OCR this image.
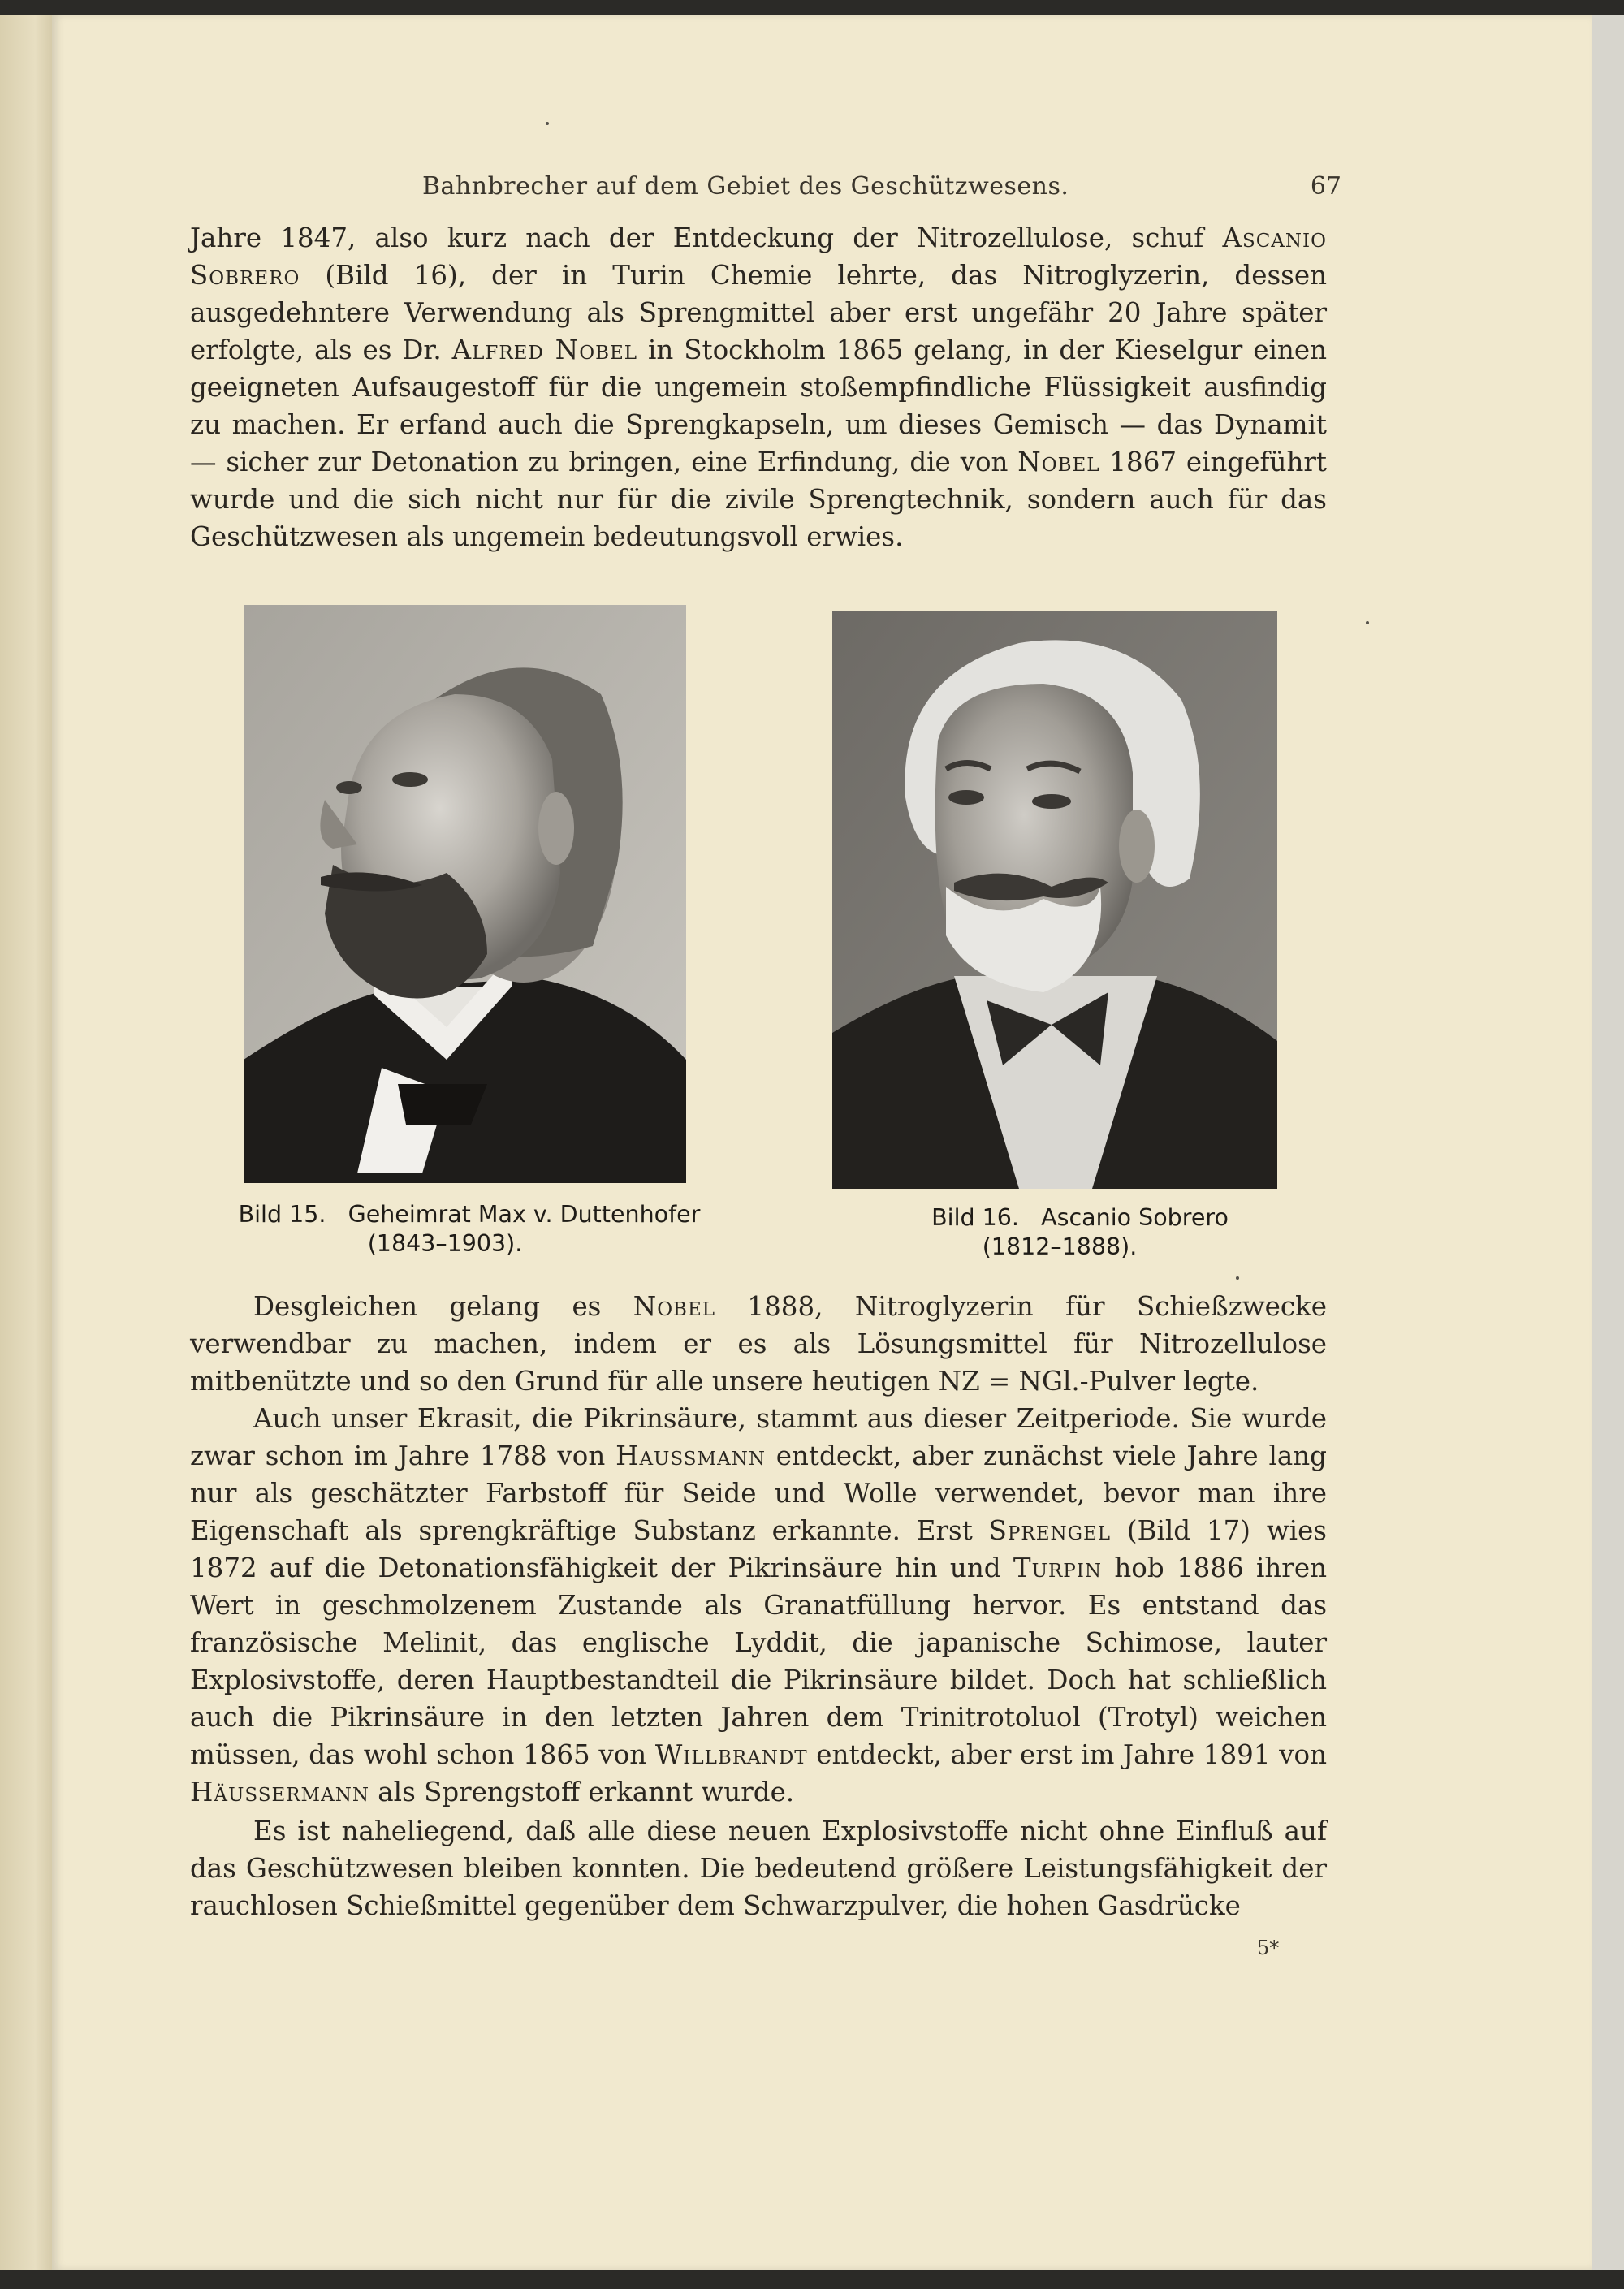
Bahnbrecher auf dem Gebiet des Geschützwesens.	67

Jahre 1847, also kurz nach der Entdeckung der Nitrozellulose, schuf Ascanio Sobrero (Bild 16), der in Turin Chemie lehrte, das Nitroglyzerin, dessen ausgedehntere Verwendung als Sprengmittel aber erst ungefähr 20 Jahre später erfolgte, als es Dr. Alfred Nobel in Stockholm 1865 gelang, in der Kieselgur einen geeigneten Aufsaugestoff für die ungemein stoßempfindliche Flüssigkeit ausfindig zu machen. Er erfand auch die Sprengkapseln, um dieses Gemisch — das Dynamit — sicher zur Detonation zu bringen, eine Erfindung, die von Nobel 1867 eingeführt wurde und die sich nicht nur für die zivile Sprengtechnik, sondern auch für das Geschützwesen als ungemein bedeutungsvoll erwies.

Bild 15.   Geheimrat Max v. Duttenhofer
(1843–1903).
Bild 16.   Ascanio Sobrero
(1812–1888).

Desgleichen gelang es Nobel 1888, Nitroglyzerin für Schießzwecke verwendbar zu machen, indem er es als Lösungsmittel für Nitrozellulose mitbenützte und so den Grund für alle unsere heutigen NZ = NGl.-Pulver legte.

Auch unser Ekrasit, die Pikrinsäure, stammt aus dieser Zeitperiode. Sie wurde zwar schon im Jahre 1788 von Haussmann entdeckt, aber zunächst viele Jahre lang nur als geschätzter Farbstoff für Seide und Wolle verwendet, bevor man ihre Eigenschaft als sprengkräftige Substanz erkannte. Erst Sprengel (Bild 17) wies 1872 auf die Detonationsfähigkeit der Pikrinsäure hin und Turpin hob 1886 ihren Wert in geschmolzenem Zustande als Granatfüllung hervor. Es entstand das französische Melinit, das englische Lyddit, die japanische Schimose, lauter Explosivstoffe, deren Hauptbestandteil die Pikrinsäure bildet. Doch hat schließlich auch die Pikrinsäure in den letzten Jahren dem Trinitrotoluol (Trotyl) weichen müssen, das wohl schon 1865 von Willbrandt entdeckt, aber erst im Jahre 1891 von Häussermann als Sprengstoff erkannt wurde.

Es ist naheliegend, daß alle diese neuen Explosivstoffe nicht ohne Einfluß auf das Geschützwesen bleiben konnten. Die bedeutend größere Leistungsfähigkeit der rauchlosen Schießmittel gegenüber dem Schwarzpulver, die hohen Gasdrücke

5*
